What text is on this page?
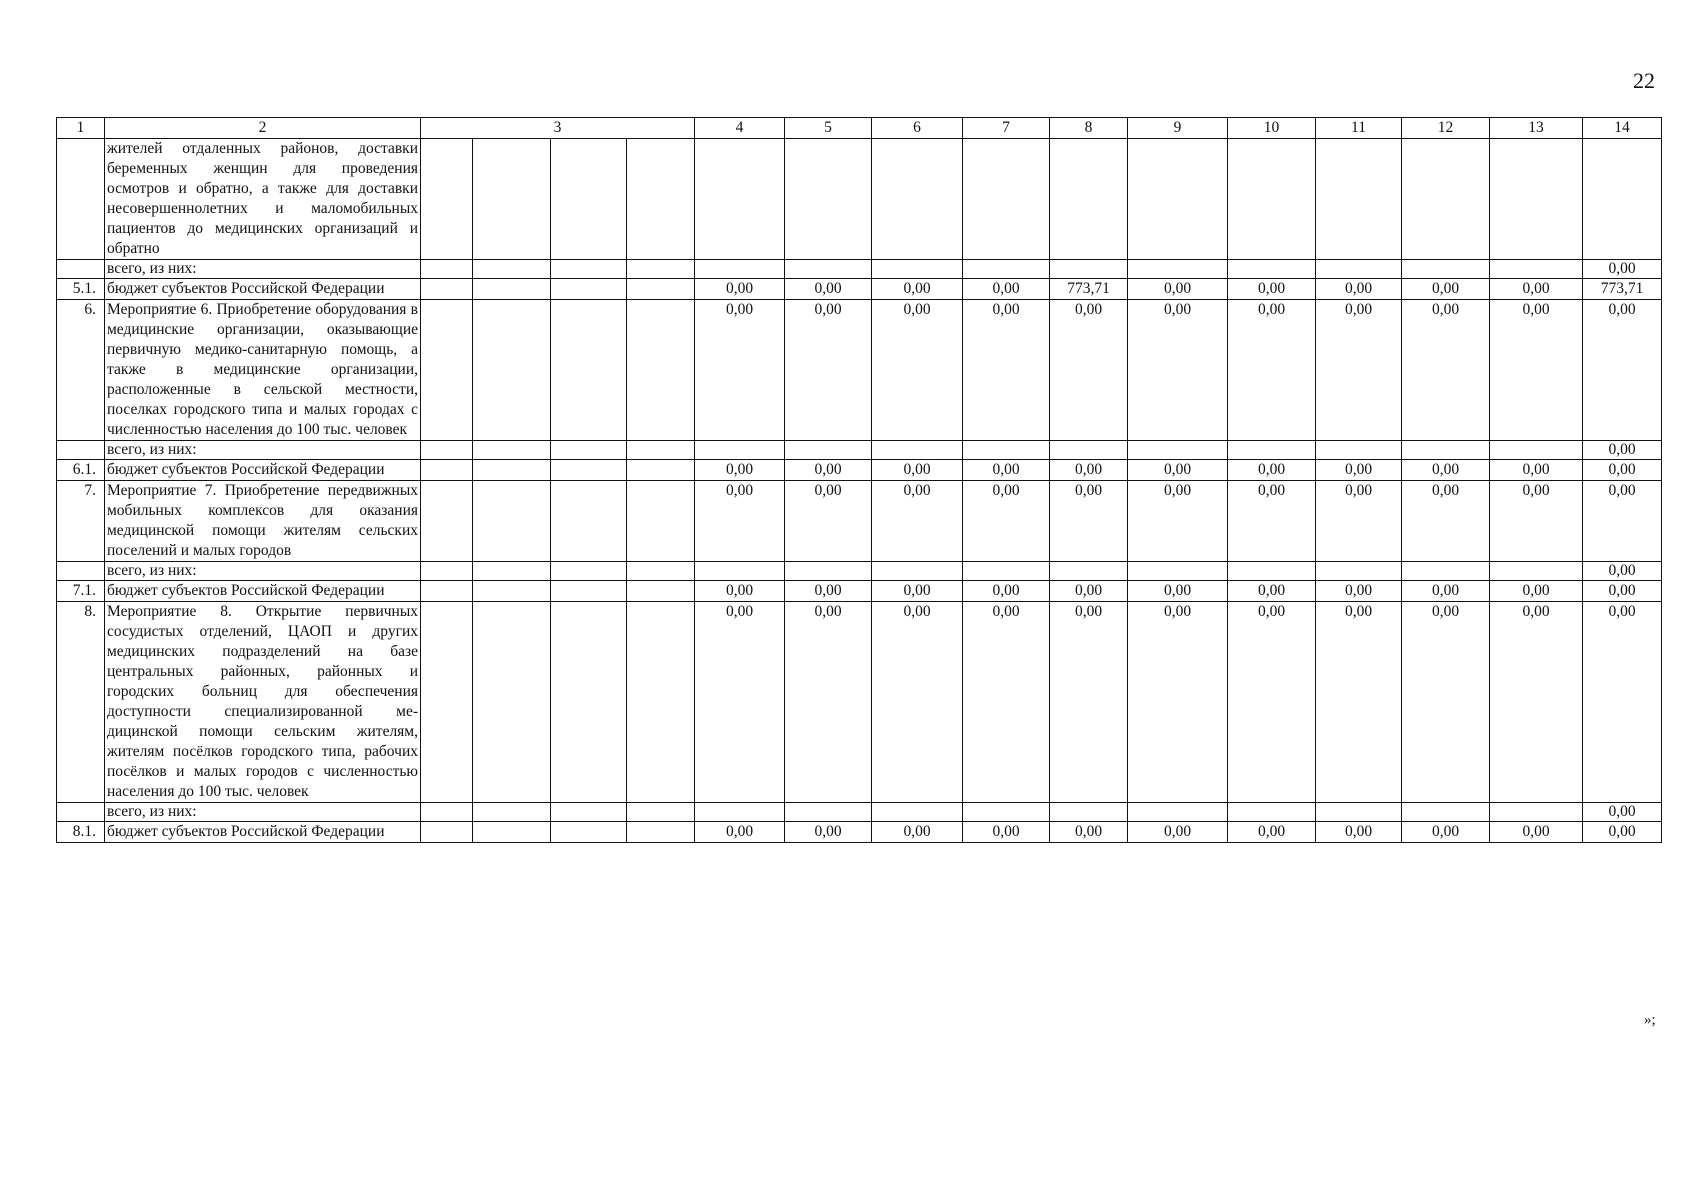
22
1	2	3				4	5	6	7	8	9	10	11	12	13	14
	жителей отдаленных районов, доставки беременных женщин для проведения осмотров и обратно, а также для доставки несовершеннолетних и маломобильных пациентов до медицинских организаций и обратно															
	всего, из них:															0,00
5.1.	бюджет субъектов Российской Федерации					0,00	0,00	0,00	0,00	773,71	0,00	0,00	0,00	0,00	0,00	773,71
6.	Мероприятие 6. Приобретение оборудования в медицинские организации, оказывающие первичную медико-санитарную помощь, а также в медицинские организации, расположенные в сельской местности, поселках городского типа и малых городах с численностью населения до 100 тыс. человек					0,00	0,00	0,00	0,00	0,00	0,00	0,00	0,00	0,00	0,00	0,00
	всего, из них:															0,00
6.1.	бюджет субъектов Российской Федерации					0,00	0,00	0,00	0,00	0,00	0,00	0,00	0,00	0,00	0,00	0,00
7.	Мероприятие 7. Приобретение передвижных мобильных комплексов для оказания медицинской помощи жителям сельских поселений и малых городов					0,00	0,00	0,00	0,00	0,00	0,00	0,00	0,00	0,00	0,00	0,00
	всего, из них:															0,00
7.1.	бюджет субъектов Российской Федерации					0,00	0,00	0,00	0,00	0,00	0,00	0,00	0,00	0,00	0,00	0,00
8.	Мероприятие 8. Открытие первичных сосудистых отделений, ЦАОП и других медицинских подразделений на базе центральных районных, районных и городских больниц для обеспечения доступности специализированной медицинской помощи сельским жителям, жителям посёлков городского типа, рабочих посёлков и малых городов с численностью населения до 100 тыс. человек					0,00	0,00	0,00	0,00	0,00	0,00	0,00	0,00	0,00	0,00	0,00
	всего, из них:															0,00
8.1.	бюджет субъектов Российской Федерации					0,00	0,00	0,00	0,00	0,00	0,00	0,00	0,00	0,00	0,00	0,00
»;
